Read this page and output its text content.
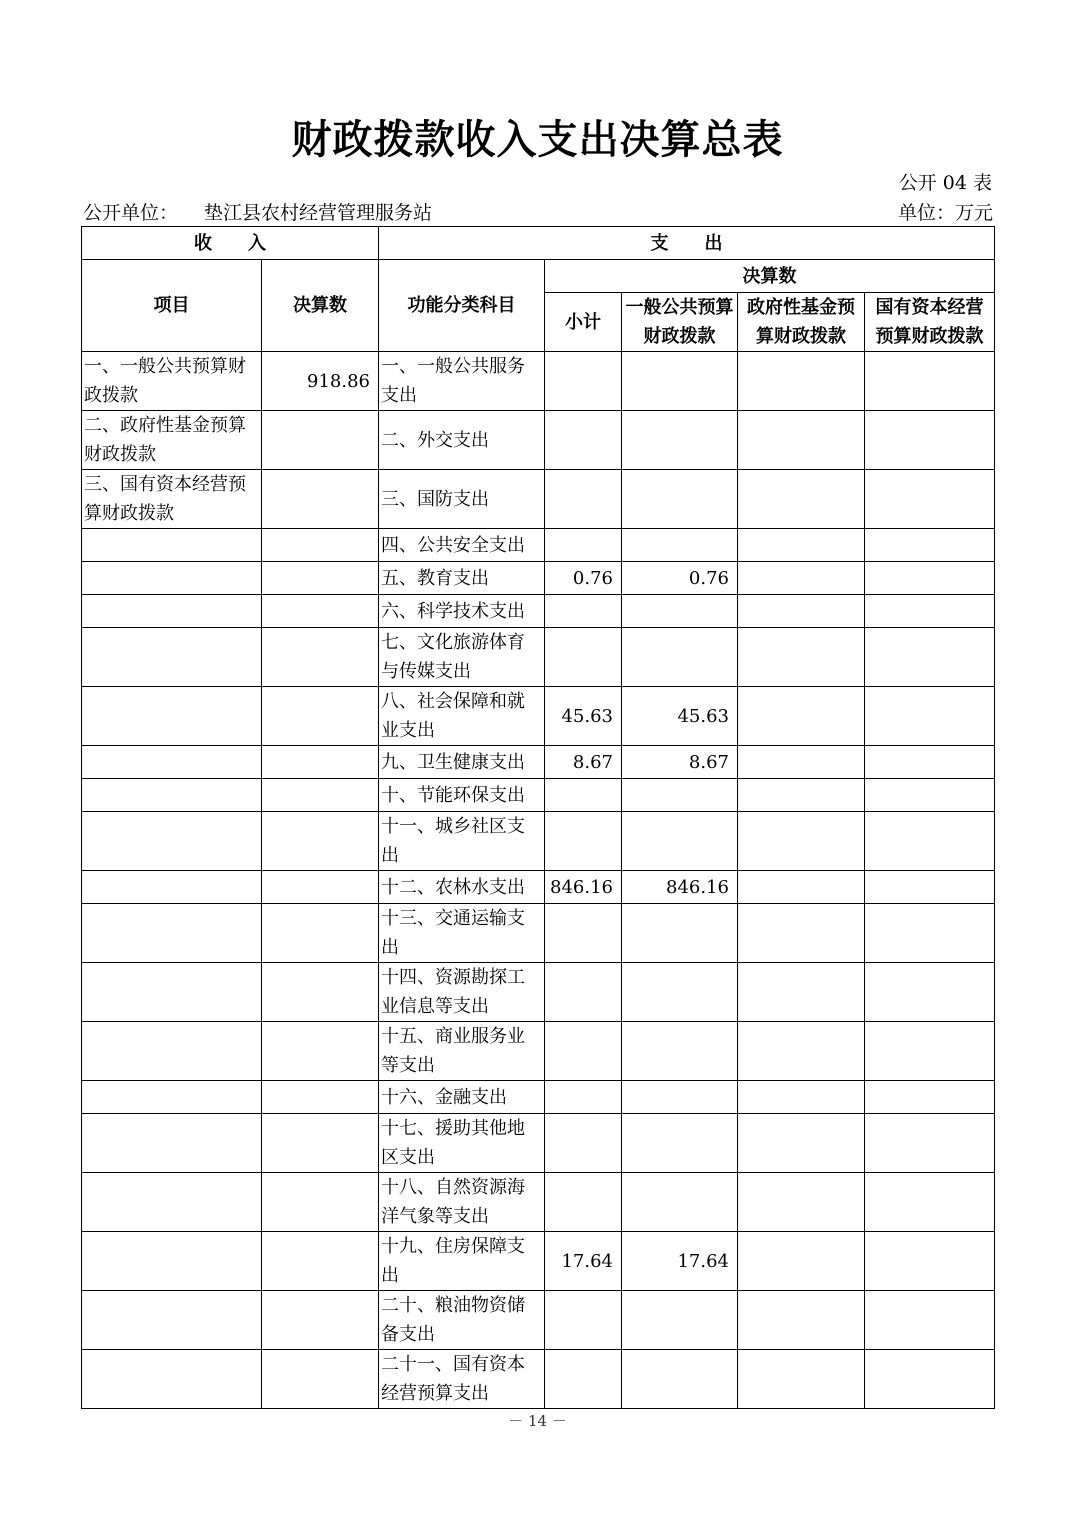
财政拨款收入支出决算总表
公开 04 表
公开单位： 垫江县农村经营管理服务站	单位：万元
收　　入		支　　出				
项目	决算数	功能分类科目	决算数			
			小计	一般公共预算财政拨款	政府性基金预算财政拨款	国有资本经营预算财政拨款
一、一般公共预算财政拨款	918.86	一、一般公共服务支出				
二、政府性基金预算财政拨款		二、外交支出				
三、国有资本经营预算财政拨款		三、国防支出				
		四、公共安全支出				
		五、教育支出	0.76	0.76		
		六、科学技术支出				
		七、文化旅游体育与传媒支出				
		八、社会保障和就业支出	45.63	45.63		
		九、卫生健康支出	8.67	8.67		
		十、节能环保支出				
		十一、城乡社区支出				
		十二、农林水支出	846.16	846.16		
		十三、交通运输支出				
		十四、资源勘探工业信息等支出				
		十五、商业服务业等支出				
		十六、金融支出				
		十七、援助其他地区支出				
		十八、自然资源海洋气象等支出				
		十九、住房保障支出	17.64	17.64		
		二十、粮油物资储备支出				
		二十一、国有资本经营预算支出				
－ 14 －
